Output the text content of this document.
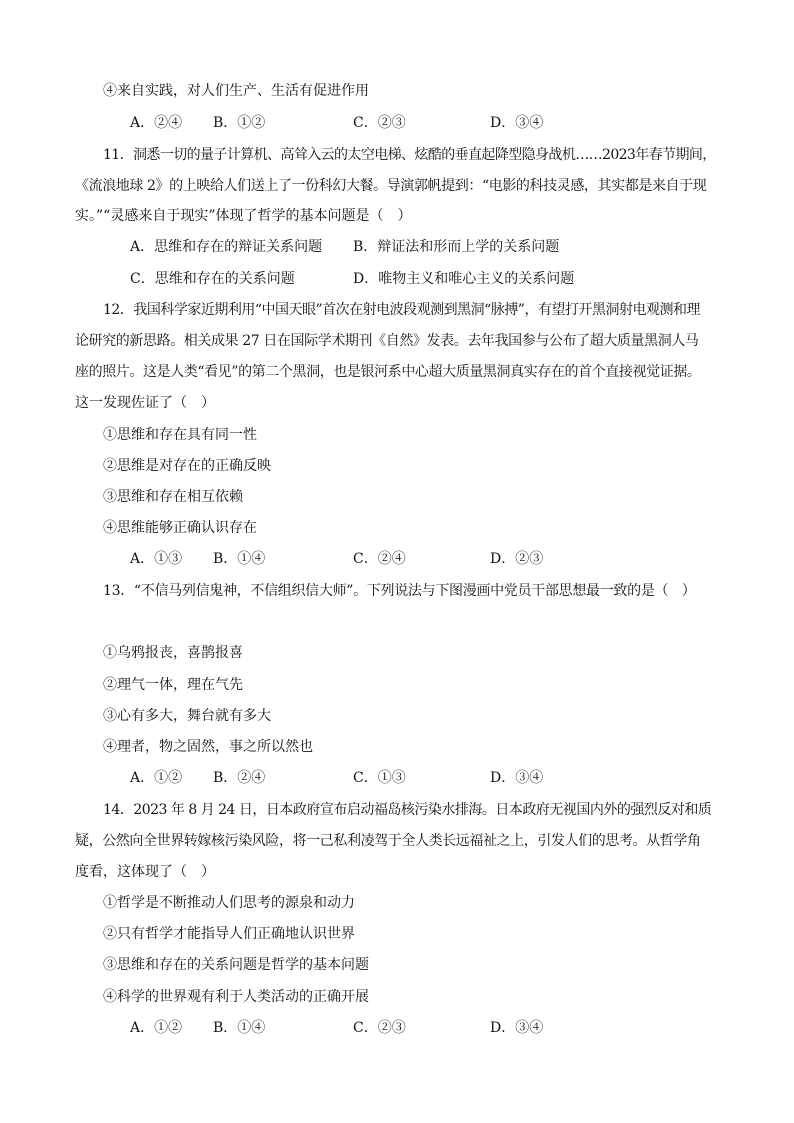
④来自实践，对人们生产、生活有促进作用
A．②④ B．①②	C．②③	D．③④
11．洞悉一切的量子计算机、高耸入云的太空电梯、炫酷的垂直起降型隐身战机……2023年春节期间，
《流浪地球 2》的上映给人们送上了一份科幻大餐。导演郭帆提到：“电影的科技灵感，其实都是来自于现
实。”“灵感来自于现实”体现了哲学的基本问题是（　）
A．思维和存在的辩证关系问题 B．辩证法和形而上学的关系问题
C．思维和存在的关系问题	D．唯物主义和唯心主义的关系问题
12．我国科学家近期利用“中国天眼”首次在射电波段观测到黑洞“脉搏”，有望打开黑洞射电观测和理
论研究的新思路。相关成果 27 日在国际学术期刊《自然》发表。去年我国参与公布了超大质量黑洞人马
座的照片。这是人类“看见”的第二个黑洞，也是银河系中心超大质量黑洞真实存在的首个直接视觉证据。
这一发现佐证了（　）
①思维和存在具有同一性
②思维是对存在的正确反映
③思维和存在相互依赖
④思维能够正确认识存在
A．①③ B．①④	C．②④	D．②③
13．“不信马列信鬼神，不信组织信大师”。下列说法与下图漫画中党员干部思想最一致的是（　）
①乌鸦报丧，喜鹊报喜
②理气一体，理在气先
③心有多大，舞台就有多大
④理者，物之固然，事之所以然也
A．①② B．②④	C．①③	D．③④
14．2023 年 8 月 24 日，日本政府宣布启动福岛核污染水排海。日本政府无视国内外的强烈反对和质
疑，公然向全世界转嫁核污染风险，将一己私利凌驾于全人类长远福祉之上，引发人们的思考。从哲学角
度看，这体现了（　）
①哲学是不断推动人们思考的源泉和动力
②只有哲学才能指导人们正确地认识世界
③思维和存在的关系问题是哲学的基本问题
④科学的世界观有利于人类活动的正确开展
A．①② B．①④	C．②③	D．③④
